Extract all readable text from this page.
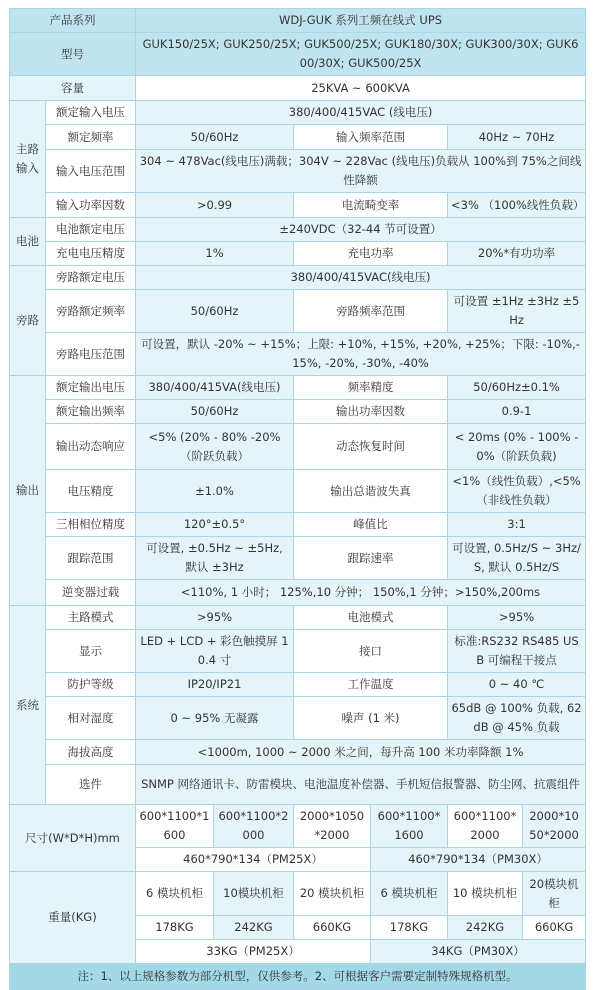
产品系列		WDJ-GUK 系列工频在线式 UPS					
型号		GUK150/25X; GUK250/25X; GUK500/25X; GUK180/30X; GUK300/30X; GUK600/30X; GUK500/25X					
容量		25KVA ~ 600KVA					
主路输入	额定输入电压	380/400/415VAC (线电压)					
	额定频率	50/60Hz		输入频率范围		40Hz ~ 70Hz	
	输入电压范围	304 ~ 478Vac(线电压)满载；304V ~ 228Vac (线电压)负载从 100%到 75%之间线性降额					
	输入功率因数	>0.99		电流畸变率		<3% （100%线性负载）	
电池	电池额定电压	±240VDC（32-44 节可设置）					
	充电电压精度	1%		充电功率		20%*有功功率	
旁路	旁路额定电压	380/400/415VAC(线电压)					
	旁路额定频率	50/60Hz		旁路频率范围		可设置 ±1Hz ±3Hz ±5Hz	
	旁路电压范围	可设置，默认 -20% ~ +15%；上限: +10%, +15%, +20%, +25%；下限: -10%,-15%, -20%, -30%, -40%					
输出	额定输出电压	380/400/415VA(线电压)		频率精度		50/60Hz±0.1%	
	额定输出频率	50/60Hz		输出功率因数		0.9-1	
	输出动态响应	<5% (20% - 80% -20%（阶跃负载）		动态恢复时间		< 20ms (0% - 100% -0%（阶跃负载)	
	电压精度	±1.0%		输出总谐波失真		<1%（线性负载）,<5% （非线性负载）	
	三相相位精度	120°±0.5°		峰值比		3:1	
	跟踪范围	可设置, ±0.5Hz ~ ±5Hz, 默认 ±3Hz		跟踪速率		可设置, 0.5Hz/S ~ 3Hz/S, 默认 0.5Hz/S	
	逆变器过载	<110%, 1 小时； 125%,10 分钟； 150%,1 分钟；>150%,200ms					
系统	主路模式	>95%		电池模式		>95%	
	显示	LED + LCD + 彩色触摸屏 10.4 寸		接口		标准:RS232 RS485 USB 可编程干接点	
	防护等级	IP20/IP21		工作温度		0 ~ 40 ℃	
	相对湿度	0 ~ 95% 无凝露		噪声 (1 米)		65dB @ 100% 负载, 62dB @ 45% 负载	
	海拔高度	<1000m, 1000 ~ 2000 米之间，每升高 100 米功率降额 1%					
	选件	SNMP 网络通讯卡、防雷模块、电池温度补偿器、手机短信报警器、防尘网、抗震组件					
尺寸(W*D*H)mm		600*1100*1600	600*1100*2000	2000*1050*2000	600*1100*1600	600*1100*2000	2000*1050*2000
		460*790*134（PM25X）			460*790*134（PM30X）		
重量(KG)		6 模块机柜	10模块机柜	20 模块机柜	6 模块机柜	10 模块机柜	20模块机柜
		178KG	242KG	660KG	178KG	242KG	660KG
		33KG（PM25X）			34KG（PM30X）		
注：1、以上规格参数为部分机型，仅供参考。2、可根据客户需要定制特殊规格机型。							
